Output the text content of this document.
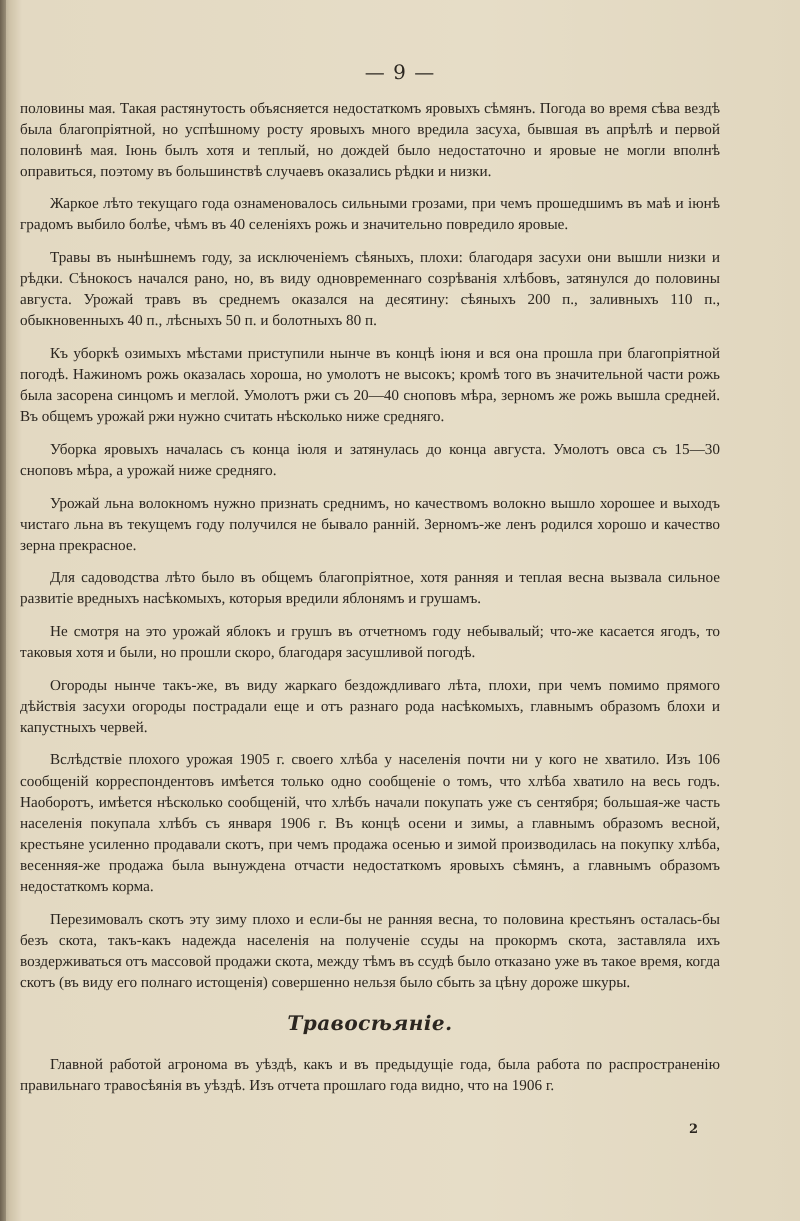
— 9 —

половины мая. Такая растянутость объясняется недостаткомъ яровыхъ сѣмянъ. Погода во время сѣва вездѣ была благопріятной, но успѣшному росту яровыхъ много вредила засуха, бывшая въ апрѣлѣ и первой половинѣ мая. Іюнь былъ хотя и теплый, но дождей было недостаточно и яровые не могли вполнѣ оправиться, поэтому въ большинствѣ случаевъ оказались рѣдки и низки.

Жаркое лѣто текущаго года ознаменовалось сильными грозами, при чемъ прошедшимъ въ маѣ и іюнѣ градомъ выбило болѣе, чѣмъ въ 40 селеніяхъ рожь и значительно повредило яровые.

Травы въ нынѣшнемъ году, за исключеніемъ сѣяныхъ, плохи: благодаря засухи они вышли низки и рѣдки. Сѣнокосъ начался рано, но, въ виду одновременнаго созрѣванія хлѣбовъ, затянулся до половины августа. Урожай травъ въ среднемъ оказался на десятину: сѣяныхъ 200 п., заливныхъ 110 п., обыкновенныхъ 40 п., лѣсныхъ 50 п. и болотныхъ 80 п.

Къ уборкѣ озимыхъ мѣстами приступили нынче въ концѣ іюня и вся она прошла при благопріятной погодѣ. Нажиномъ рожь оказалась хороша, но умолотъ не высокъ; кромѣ того въ значительной части рожь была засорена синцомъ и меглой. Умолотъ ржи съ 20—40 сноповъ мѣра, зерномъ же рожь вышла средней. Въ общемъ урожай ржи нужно считать нѣсколько ниже средняго.

Уборка яровыхъ началась съ конца іюля и затянулась до конца августа. Умолотъ овса съ 15—30 сноповъ мѣра, а урожай ниже средняго.

Урожай льна волокномъ нужно признать среднимъ, но качествомъ волокно вышло хорошее и выходъ чистаго льна въ текущемъ году получился не бывало ранній. Зерномъ-же ленъ родился хорошо и качество зерна прекрасное.

Для садоводства лѣто было въ общемъ благопріятное, хотя ранняя и теплая весна вызвала сильное развитіе вредныхъ насѣкомыхъ, которыя вредили яблонямъ и грушамъ.

Не смотря на это урожай яблокъ и грушъ въ отчетномъ году небывалый; что-же касается ягодъ, то таковыя хотя и были, но прошли скоро, благодаря засушливой погодѣ.

Огороды нынче такъ-же, въ виду жаркаго бездождливаго лѣта, плохи, при чемъ помимо прямого дѣйствія засухи огороды пострадали еще и отъ разнаго рода насѣкомыхъ, главнымъ образомъ блохи и капустныхъ червей.

Вслѣдствіе плохого урожая 1905 г. своего хлѣба у населенія почти ни у кого не хватило. Изъ 106 сообщеній корреспондентовъ имѣется только одно сообщеніе о томъ, что хлѣба хватило на весь годъ. Наоборотъ, имѣется нѣсколько сообщеній, что хлѣбъ начали покупать уже съ сентября; большая-же часть населенія покупала хлѣбъ съ января 1906 г. Въ концѣ осени и зимы, а главнымъ образомъ весной, крестьяне усиленно продавали скотъ, при чемъ продажа осенью и зимой производилась на покупку хлѣба, весенняя-же продажа была вынуждена отчасти недостаткомъ яровыхъ сѣмянъ, а главнымъ образомъ недостаткомъ корма.

Перезимовалъ скотъ эту зиму плохо и если-бы не ранняя весна, то половина крестьянъ осталась-бы безъ скота, такъ-какъ надежда населенія на полученіе ссуды на прокормъ скота, заставляла ихъ воздерживаться отъ массовой продажи скота, между тѣмъ въ ссудѣ было отказано уже въ такое время, когда скотъ (въ виду его полнаго истощенія) совершенно нельзя было сбыть за цѣну дороже шкуры.

Травосѣяніе.

Главной работой агронома въ уѣздѣ, какъ и въ предыдущіе года, была работа по распространенію правильнаго травосѣянія въ уѣздѣ. Изъ отчета прошлаго года видно, что на 1906 г.

2
